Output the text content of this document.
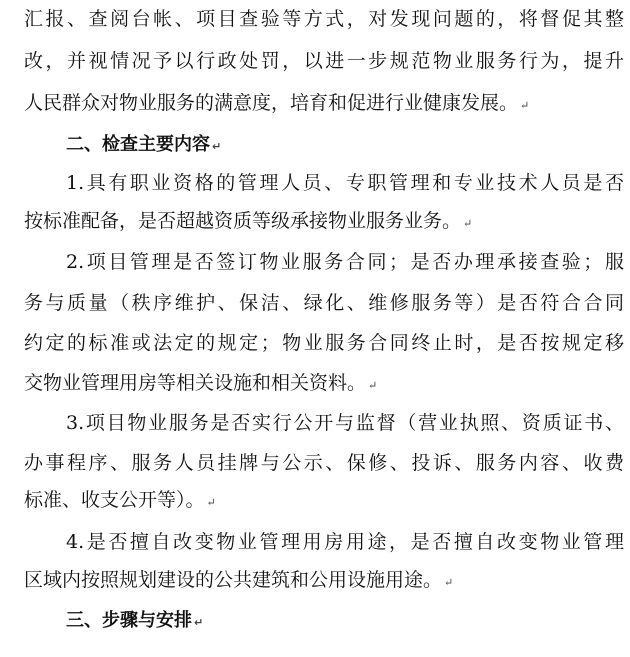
汇报、查阅台帐、项目查验等方式，对发现问题的，将督促其整
改，并视情况予以行政处罚，以进一步规范物业服务行为，提升
人民群众对物业服务的满意度，培育和促进行业健康发展。 ↵
二、检查主要内容 ↵
1.具有职业资格的管理人员、专职管理和专业技术人员是否
按标准配备，是否超越资质等级承接物业服务业务。 ↵
2.项目管理是否签订物业服务合同；是否办理承接查验；服
务与质量（秩序维护、保洁、绿化、维修服务等）是否符合合同
约定的标准或法定的规定；物业服务合同终止时，是否按规定移
交物业管理用房等相关设施和相关资料。 ↵
3.项目物业服务是否实行公开与监督（营业执照、资质证书、
办事程序、服务人员挂牌与公示、保修、投诉、服务内容、收费
标准、收支公开等）。 ↵
4.是否擅自改变物业管理用房用途，是否擅自改变物业管理
区域内按照规划建设的公共建筑和公用设施用途。 ↵
三、步骤与安排 ↵
